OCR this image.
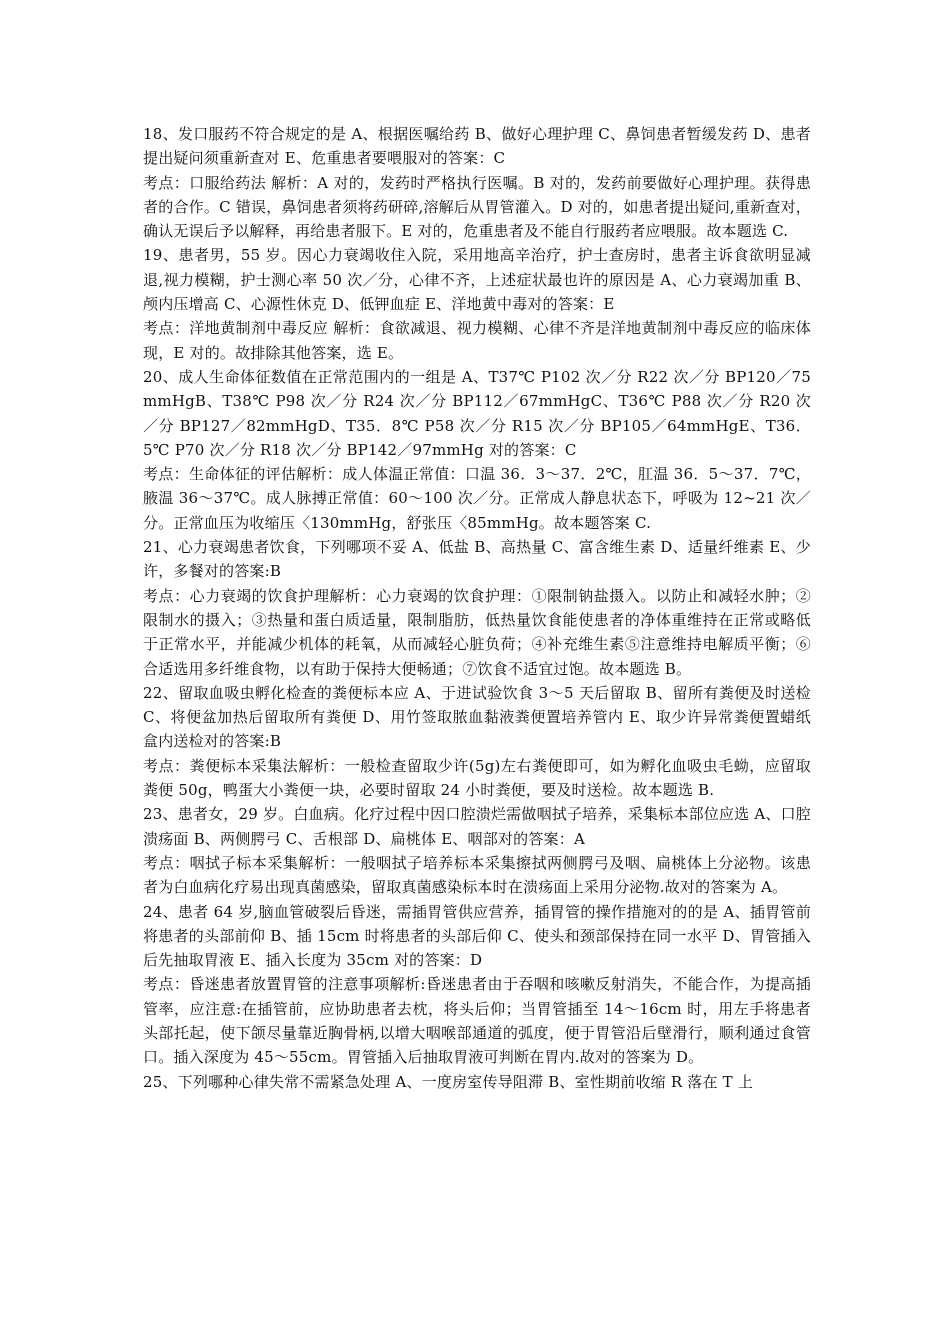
18、发口服药不符合规定的是 A、根据医嘱给药 B、做好心理护理 C、鼻饲患者暂缓发药 D、患者提出疑问须重新查对 E、危重患者要喂服对的答案：C

考点：口服给药法 解析：A 对的，发药时严格执行医嘱。B 对的，发药前要做好心理护理。获得患者的合作。C 错误，鼻饲患者须将药研碎,溶解后从胃管灌入。D 对的，如患者提出疑问,重新查对，确认无误后予以解释，再给患者服下。E 对的，危重患者及不能自行服药者应喂服。故本题选 C.

19、患者男，55 岁。因心力衰竭收住入院，采用地高辛治疗，护士查房时，患者主诉食欲明显减退,视力模糊，护士测心率 50 次／分，心律不齐，上述症状最也许的原因是 A、心力衰竭加重 B、颅内压增高 C、心源性休克 D、低钾血症 E、洋地黄中毒对的答案：E

考点：洋地黄制剂中毒反应 解析：食欲减退、视力模糊、心律不齐是洋地黄制剂中毒反应的临床体现，E 对的。故排除其他答案，选 E。

20、成人生命体征数值在正常范围内的一组是 A、T37℃ P102 次／分 R22 次／分 BP120／75mmHgB、T38℃ P98 次／分 R24 次／分 BP112／67mmHgC、T36℃ P88 次／分 R20 次／分 BP127／82mmHgD、T35．8℃ P58 次／分 R15 次／分 BP105／64mmHgE、T36．5℃ P70 次／分 R18 次／分 BP142／97mmHg 对的答案：C

考点：生命体征的评估解析：成人体温正常值：口温 36．3～37．2℃，肛温 36．5～37．7℃，腋温 36～37℃。成人脉搏正常值：60～100 次／分。正常成人静息状态下，呼吸为 12~21 次／分。正常血压为收缩压〈130mmHg，舒张压〈85mmHg。故本题答案 C.

21、心力衰竭患者饮食，下列哪项不妥 A、低盐 B、高热量 C、富含维生素 D、适量纤维素 E、少许，多餐对的答案:B

考点：心力衰竭的饮食护理解析：心力衰竭的饮食护理：①限制钠盐摄入。以防止和减轻水肿；②限制水的摄入；③热量和蛋白质适量，限制脂肪，低热量饮食能使患者的净体重维持在正常或略低于正常水平，并能减少机体的耗氧，从而减轻心脏负荷；④补充维生素⑤注意维持电解质平衡；⑥合适选用多纤维食物，以有助于保持大便畅通；⑦饮食不适宜过饱。故本题选 B。

22、留取血吸虫孵化检查的粪便标本应 A、于进试验饮食 3～5 天后留取 B、留所有粪便及时送检 C、将便盆加热后留取所有粪便 D、用竹签取脓血黏液粪便置培养管内 E、取少许异常粪便置蜡纸盒内送检对的答案:B

考点：粪便标本采集法解析：一般检查留取少许(5g)左右粪便即可，如为孵化血吸虫毛蚴，应留取粪便 50g，鸭蛋大小粪便一块，必要时留取 24 小时粪便，要及时送检。故本题选 B.

23、患者女，29 岁。白血病。化疗过程中因口腔溃烂需做咽拭子培养，采集标本部位应选 A、口腔溃疡面 B、两侧腭弓 C、舌根部 D、扁桃体 E、咽部对的答案：A

考点：咽拭子标本采集解析：一般咽拭子培养标本采集擦拭两侧腭弓及咽、扁桃体上分泌物。该患者为白血病化疗易出现真菌感染，留取真菌感染标本时在溃疡面上采用分泌物.故对的答案为 A。

24、患者 64 岁,脑血管破裂后昏迷，需插胃管供应营养，插胃管的操作措施对的的是 A、插胃管前将患者的头部前仰 B、插 15cm 时将患者的头部后仰 C、使头和颈部保持在同一水平 D、胃管插入后先抽取胃液 E、插入长度为 35cm 对的答案：D

考点：昏迷患者放置胃管的注意事项解析:昏迷患者由于吞咽和咳嗽反射消失，不能合作，为提高插管率，应注意:在插管前，应协助患者去枕，将头后仰；当胃管插至 14～16cm 时，用左手将患者头部托起，使下颌尽量靠近胸骨柄,以增大咽喉部通道的弧度，便于胃管沿后壁滑行，顺利通过食管口。插入深度为 45～55cm。胃管插入后抽取胃液可判断在胃内.故对的答案为 D。

25、下列哪种心律失常不需紧急处理 A、一度房室传导阻滞 B、室性期前收缩 R 落在 T 上
